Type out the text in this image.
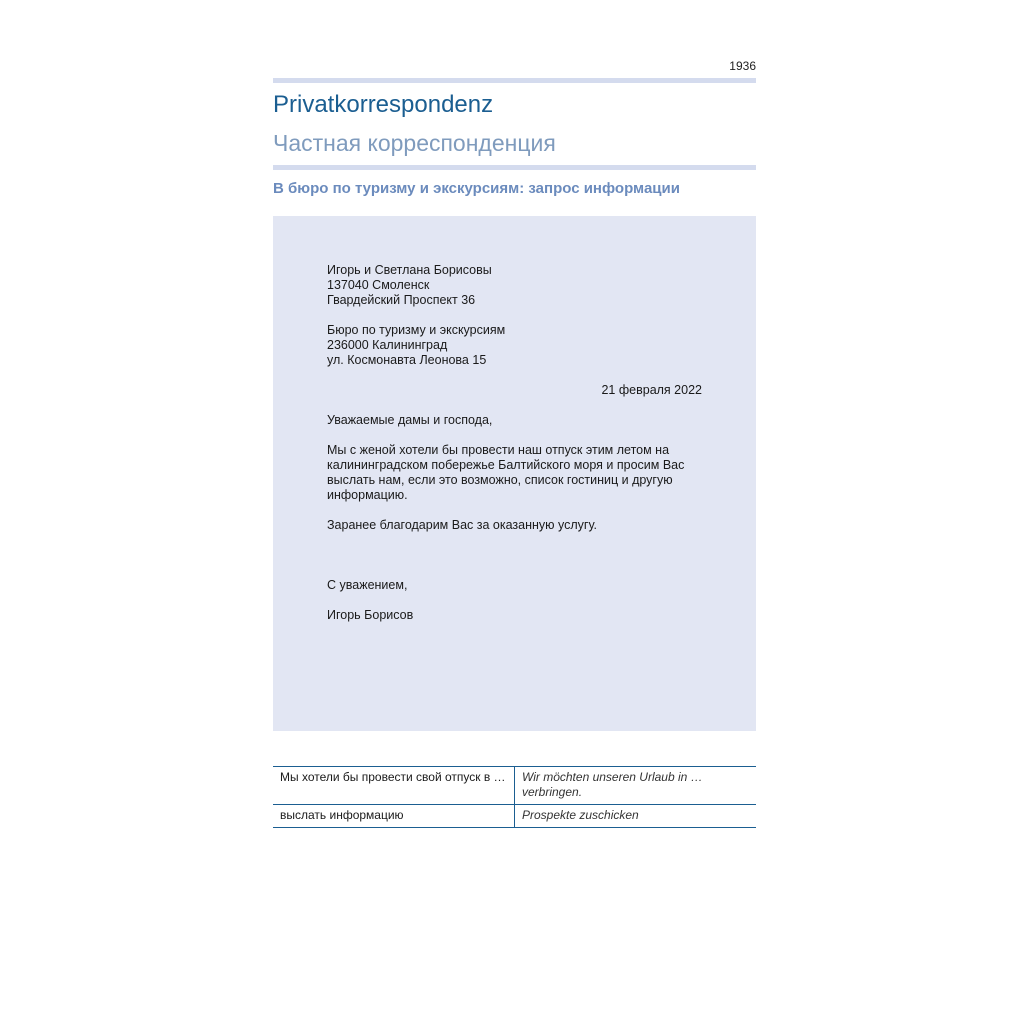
1936
Privatkorrespondenz
Частная корреспонденция
В бюро по туризму и экскурсиям: запрос информации
Игорь и Светлана Борисовы
137040 Смоленск
Гвардейский Проспект 36
Бюро по туризму и экскурсиям
236000 Калининград
ул. Космонавта Леонова 15
21 февраля 2022
Уважаемые дамы и господа,
Мы с женой хотели бы провести наш отпуск этим летом на
калининградском побережье Балтийского моря и просим Вас
выслать нам, если это возможно, список гостиниц и другую
информацию.
Заранее благодарим Вас за оказанную услугу.
С уважением,
Игорь Борисов
Мы хотели бы провести свой отпуск в …	Wir möchten unseren Urlaub in … verbringen.
выслать информацию	Prospekte zuschicken
